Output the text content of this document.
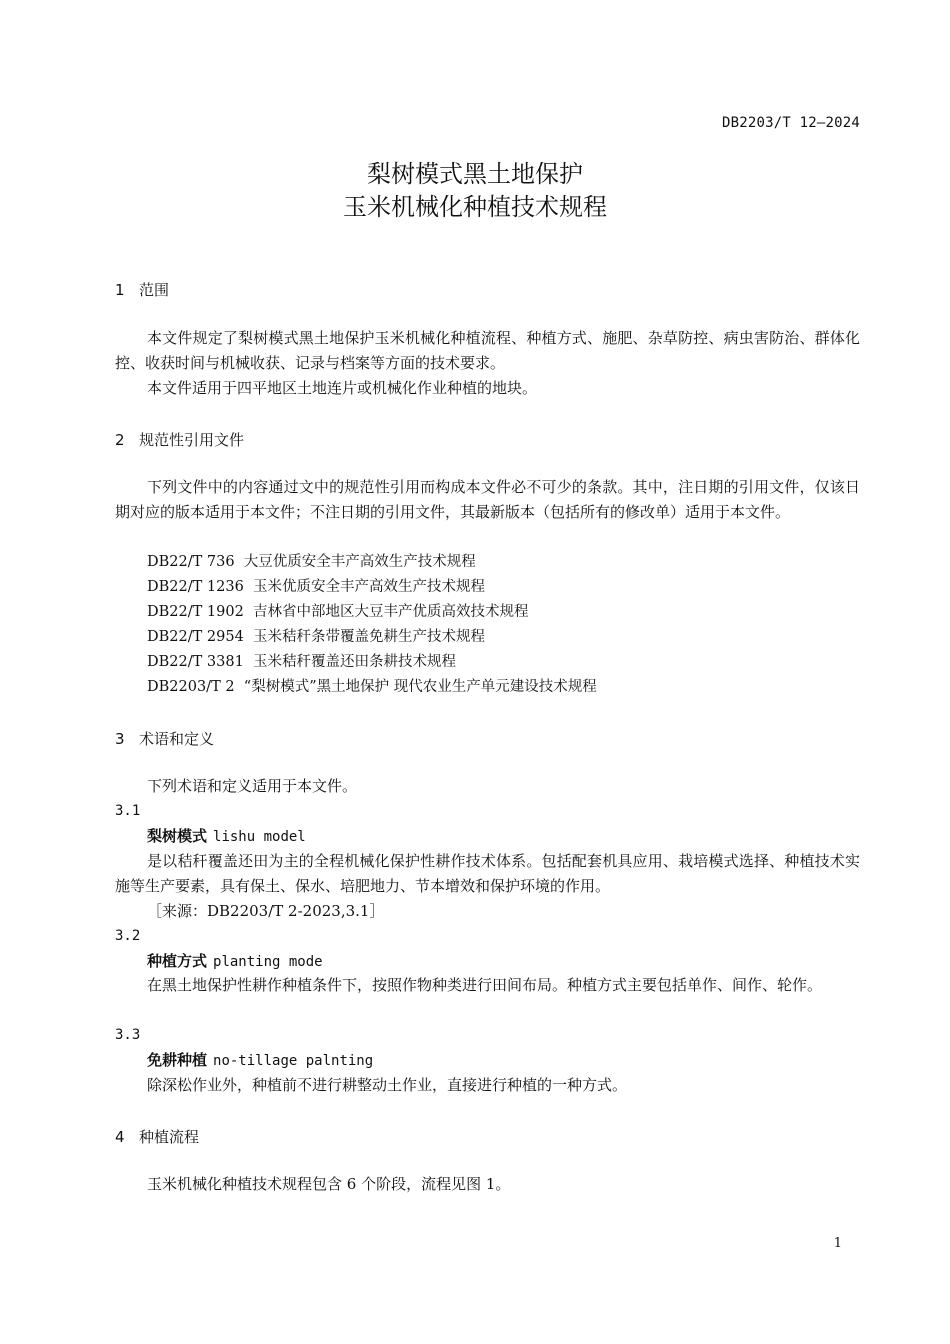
DB2203/T 12—2024
梨树模式黑土地保护
玉米机械化种植技术规程
1 范围

本文件规定了梨树模式黑土地保护玉米机械化种植流程、种植方式、施肥、杂草防控、病虫害防治、群体化控、收获时间与机械收获、记录与档案等方面的技术要求。

本文件适用于四平地区土地连片或机械化作业种植的地块。

2 规范性引用文件

下列文件中的内容通过文中的规范性引用而构成本文件必不可少的条款。其中，注日期的引用文件，仅该日期对应的版本适用于本文件；不注日期的引用文件，其最新版本（包括所有的修改单）适用于本文件。

DB22/T 736 大豆优质安全丰产高效生产技术规程
DB22/T 1236 玉米优质安全丰产高效生产技术规程
DB22/T 1902 吉林省中部地区大豆丰产优质高效技术规程
DB22/T 2954 玉米秸秆条带覆盖免耕生产技术规程
DB22/T 3381 玉米秸秆覆盖还田条耕技术规程
DB2203/T 2 “梨树模式”黑土地保护 现代农业生产单元建设技术规程
3 术语和定义

下列术语和定义适用于本文件。

3.1
梨树模式 lishu model

是以秸秆覆盖还田为主的全程机械化保护性耕作技术体系。包括配套机具应用、栽培模式选择、种植技术实施等生产要素，具有保土、保水、培肥地力、节本增效和保护环境的作用。

［来源：DB2203/T 2-2023,3.1］
3.2
种植方式 planting mode

在黑土地保护性耕作种植条件下，按照作物种类进行田间布局。种植方式主要包括单作、间作、轮作。

3.3
免耕种植 no-tillage palnting

除深松作业外，种植前不进行耕整动土作业，直接进行种植的一种方式。

4 种植流程

玉米机械化种植技术规程包含 6 个阶段，流程见图 1。

1
